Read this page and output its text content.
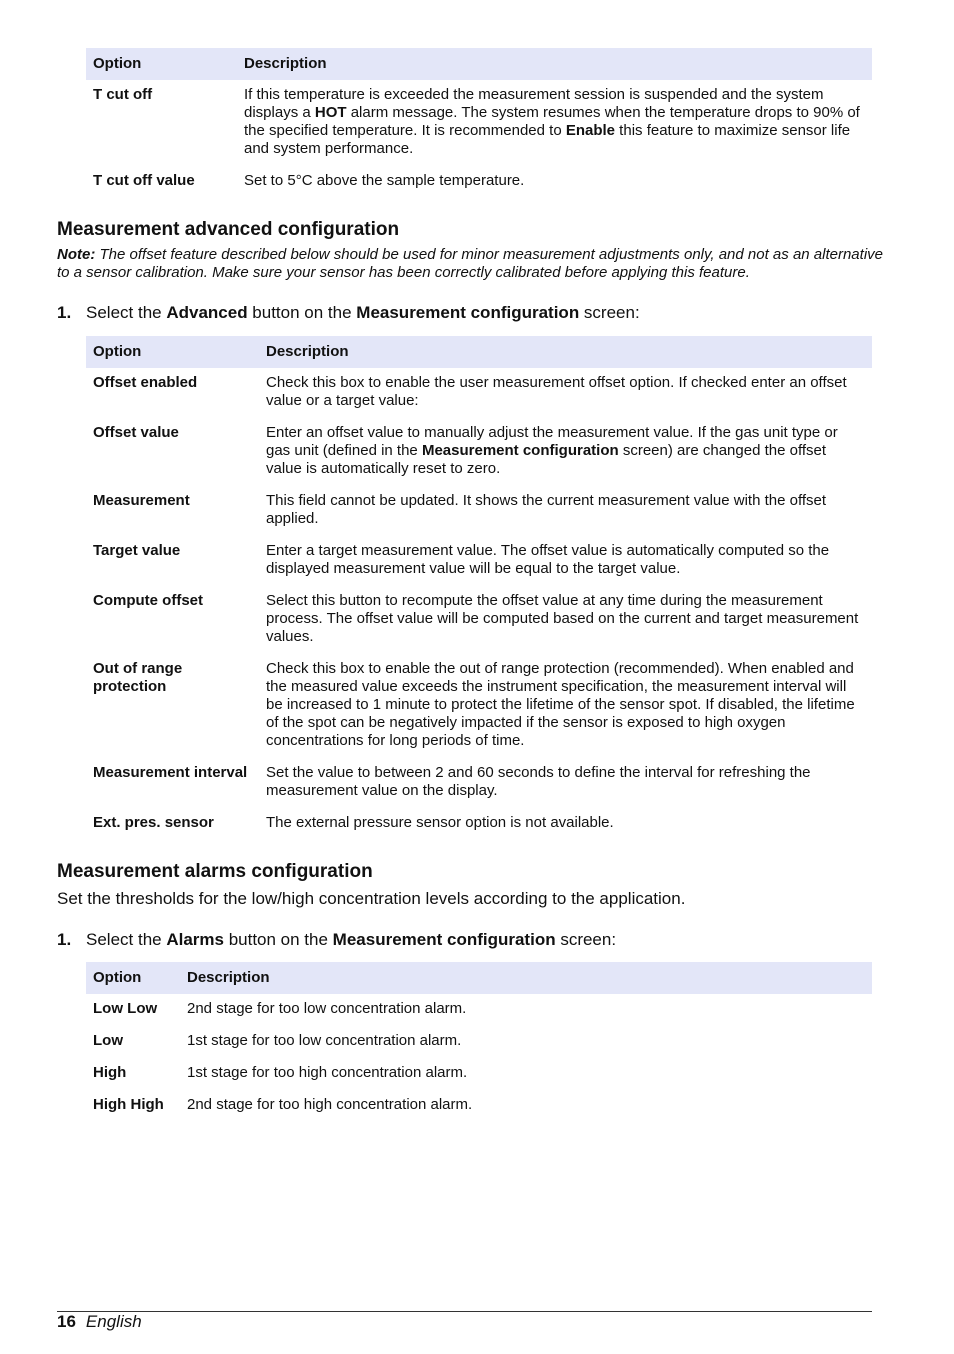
Option	Description
T cut off	If this temperature is exceeded the measurement session is suspended and the system displays a HOT alarm message. The system resumes when the temperature drops to 90% of the specified temperature. It is recommended to Enable this feature to maximize sensor life and system performance.
T cut off value	Set to 5°C above the sample temperature.
Measurement advanced configuration

Note: The offset feature described below should be used for minor measurement adjustments only, and not as an alternative to a sensor calibration. Make sure your sensor has been correctly calibrated before applying this feature.

1. Select the Advanced button on the Measurement configuration screen:

Option	Description
Offset enabled	Check this box to enable the user measurement offset option. If checked enter an offset value or a target value:
Offset value	Enter an offset value to manually adjust the measurement value. If the gas unit type or gas unit (defined in the Measurement configuration screen) are changed the offset value is automatically reset to zero.
Measurement	This field cannot be updated. It shows the current measurement value with the offset applied.
Target value	Enter a target measurement value. The offset value is automatically computed so the displayed measurement value will be equal to the target value.
Compute offset	Select this button to recompute the offset value at any time during the measurement process. The offset value will be computed based on the current and target measurement values.
Out of range protection	Check this box to enable the out of range protection (recommended). When enabled and the measured value exceeds the instrument specification, the measurement interval will be increased to 1 minute to protect the lifetime of the sensor spot. If disabled, the lifetime of the spot can be negatively impacted if the sensor is exposed to high oxygen concentrations for long periods of time.
Measurement interval	Set the value to between 2 and 60 seconds to define the interval for refreshing the measurement value on the display.
Ext. pres. sensor	The external pressure sensor option is not available.
Measurement alarms configuration

Set the thresholds for the low/high concentration levels according to the application.

1. Select the Alarms button on the Measurement configuration screen:

Option	Description
Low Low	2nd stage for too low concentration alarm.
Low	1st stage for too low concentration alarm.
High	1st stage for too high concentration alarm.
High High	2nd stage for too high concentration alarm.
16 English
